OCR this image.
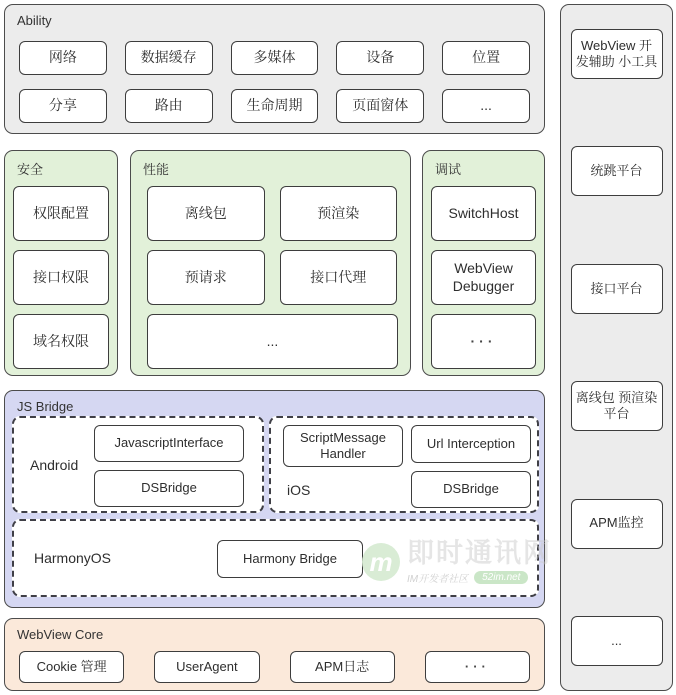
Ability
网络	数据缓存	多媒体	设备	位置
分享	路由	生命周期	页面窗体	...
安全
权限配置
接口权限
域名权限
性能
离线包	预渲染
预请求	接口代理
...
调试
SwitchHost
WebView Debugger
···
JS Bridge
Android
JavascriptInterface
DSBridge
ScriptMessage Handler
Url Interception
DSBridge
iOS
HarmonyOS	Harmony Bridge
WebView Core
Cookie 管理	UserAgent	APM日志	···
WebView 开发辅助 小工具
统跳平台
接口平台
离线包 预渲染平台
APM监控
...
m 即时通讯网
IM开发者社区	52im.net
